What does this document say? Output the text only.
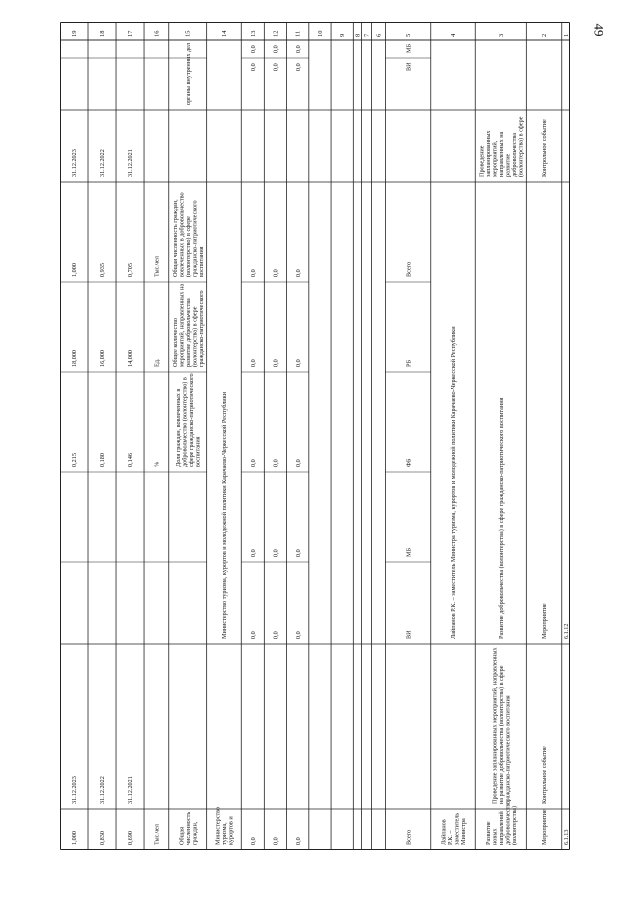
49
1
2
3
4
5
6
7
8
9
10
11
12
13
14
15
16
17
18
19
органы внутренних дел	МБ
0,0
0,0
0,0
ВИ
0,0
0,0
0,0
Контрольное событие
Проведениезапланированныхмероприятий,направленных наразвитиедобровольчества(волонтерства) в сфере
31.12.2021
31.12.2022
31.12.2023
6.1.12
Мероприятие
Развитие добровольчества (волонтерства) в сфере гражданско-патриотического воспитания
Лайпанов Р.К. – заместитель Министра туризма, курортов и молодежной политики Карачаево-Черкесской Республики
Министерство туризма, курортов и молодежной политики Карачаево-Черкесской Республики
Всего
0,0
0,0
0,0
Общая численность граждан,вовлеченных в добровольчество(волонтерство) в сферегражданско-патриотическоговоспитания
Тыс.чел
0,705
0,935
1,000
РБ
0,0
0,0
0,0
Общее количествомероприятий, направленных наразвитие добровольчества(волонтерства) в сферегражданско-патриотического
Ед.
14,000
16,000
18,000
ФБ
0,0
0,0
0,0
Доля граждан, вовлеченных вдобровольчество (волонтерство) всфере гражданско-патриотическоговоспитания
%
0,146
0,180
0,215
МБ
0,0
0,0
0,0
ВИ
0,0
0,0
0,0
Контрольное событие
Проведение запланированных мероприятий, направленныхна развитие добровольчества (волонтерства) в сферегражданско-патриотического воспитания
31.12.2021
31.12.2022
31.12.2023
6.1.13
Мероприятие
Развитиеновыхнаправленийдобровольчества(волонтерства)
ЛайпановР.К. –заместительМинистра
Министерствотуризма,курортов и
Общаячисленностьграждан,	Всего
0,0
0,0
0,0
Тыс.чел
0,690
0,830
1,000
